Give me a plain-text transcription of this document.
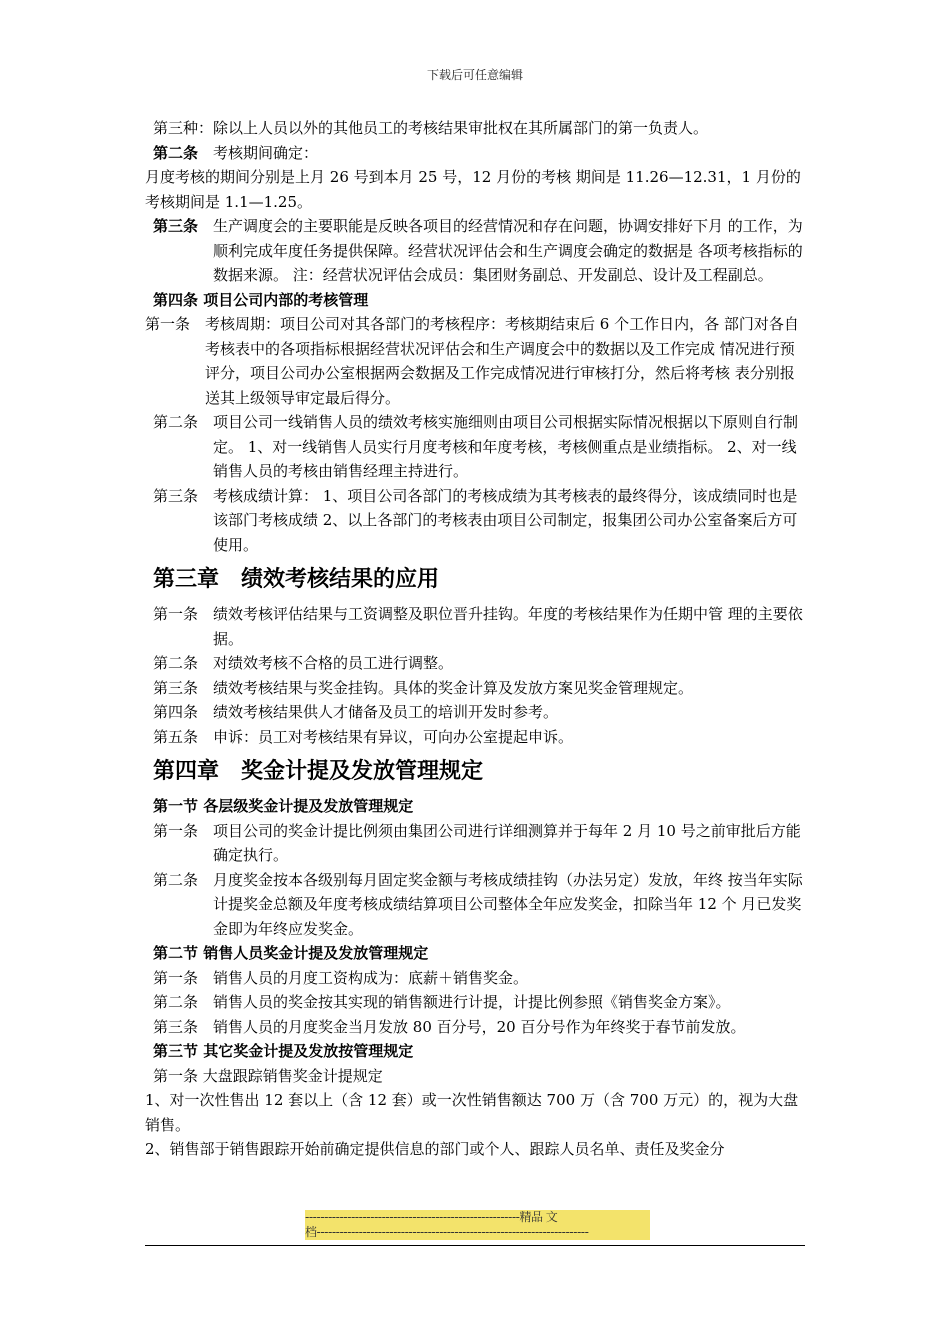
下载后可任意编辑

第三种：除以上人员以外的其他员工的考核结果审批权在其所属部门的第一负责人。

第二条 考核期间确定：

月度考核的期间分别是上月 26 号到本月 25 号，12 月份的考核 期间是 11.26—12.31，1 月份的考核期间是 1.1—1.25。

第三条 生产调度会的主要职能是反映各项目的经营情况和存在问题，协调安排好下月 的工作，为顺利完成年度任务提供保障。经营状况评估会和生产调度会确定的数据是 各项考核指标的数据来源。 注：经营状况评估会成员：集团财务副总、开发副总、设计及工程副总。

第四条 项目公司内部的考核管理

第一条 考核周期：项目公司对其各部门的考核程序：考核期结束后 6 个工作日内，各 部门对各自考核表中的各项指标根据经营状况评估会和生产调度会中的数据以及工作完成 情况进行预评分，项目公司办公室根据两会数据及工作完成情况进行审核打分，然后将考核 表分别报送其上级领导审定最后得分。
第二条 项目公司一线销售人员的绩效考核实施细则由项目公司根据实际情况根据以下原则自行制定。 1、对一线销售人员实行月度考核和年度考核，考核侧重点是业绩指标。 2、对一线销售人员的考核由销售经理主持进行。
第三条 考核成绩计算： 1、项目公司各部门的考核成绩为其考核表的最终得分，该成绩同时也是该部门考核成绩 2、以上各部门的考核表由项目公司制定，报集团公司办公室备案后方可使用。
第三章 绩效考核结果的应用
第一条 绩效考核评估结果与工资调整及职位晋升挂钩。年度的考核结果作为任期中管 理的主要依据。
第二条 对绩效考核不合格的员工进行调整。
第三条 绩效考核结果与奖金挂钩。具体的奖金计算及发放方案见奖金管理规定。
第四条 绩效考核结果供人才储备及员工的培训开发时参考。
第五条 申诉：员工对考核结果有异议，可向办公室提起申诉。
第四章 奖金计提及发放管理规定

第一节 各层级奖金计提及发放管理规定

第一条 项目公司的奖金计提比例须由集团公司进行详细测算并于每年 2 月 10 号之前审批后方能确定执行。
第二条 月度奖金按本各级别每月固定奖金额与考核成绩挂钩（办法另定）发放，年终 按当年实际计提奖金总额及年度考核成绩结算项目公司整体全年应发奖金，扣除当年 12 个 月已发奖金即为年终应发奖金。

第二节 销售人员奖金计提及发放管理规定

第一条 销售人员的月度工资构成为：底薪＋销售奖金。
第二条 销售人员的奖金按其实现的销售额进行计提，计提比例参照《销售奖金方案》。
第三条 销售人员的月度奖金当月发放 80 百分号，20 百分号作为年终奖于春节前发放。

第三节 其它奖金计提及发放按管理规定

第一条 大盘跟踪销售奖金计提规定

1、对一次性售出 12 套以上（含 12 套）或一次性销售额达 700 万（含 700 万元）的，视为大盘销售。

2、销售部于销售跟踪开始前确定提供信息的部门或个人、跟踪人员名单、责任及奖金分

--------------------------------------------------------精品 文
档-----------------------------------------------------------------------
